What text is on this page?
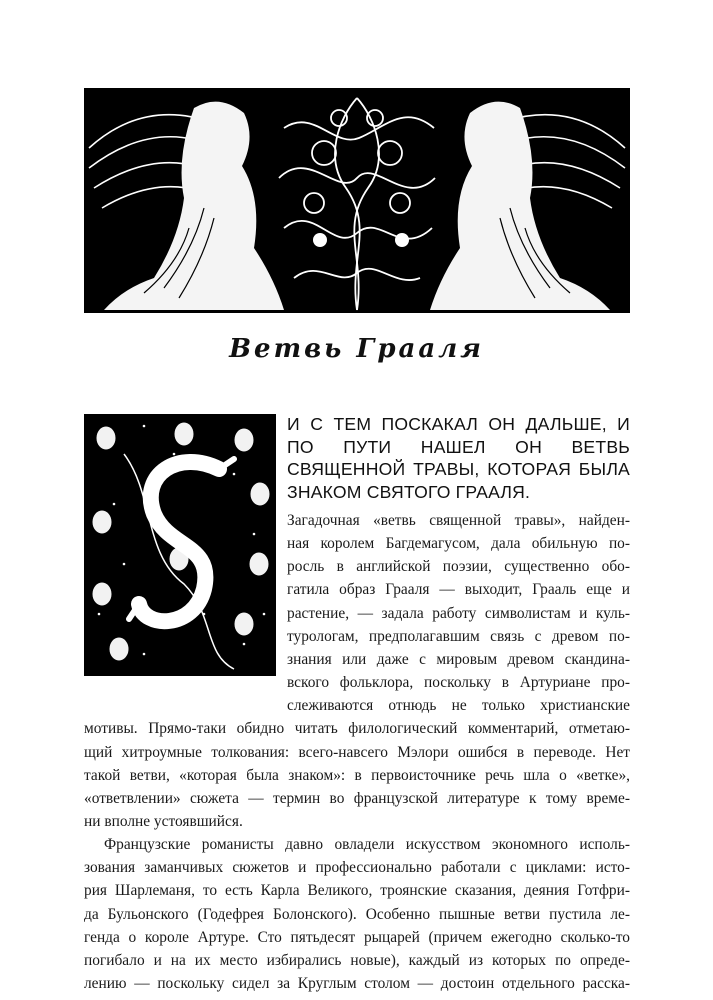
Ветвь Грааля
И С ТЕМ ПОСКАКАЛ ОН ДАЛЬШЕ, И ПО ПУТИ НАШЕЛ ОН ВЕТВЬ СВЯЩЕННОЙ ТРАВЫ, КОТОРАЯ БЫЛА ЗНАКОМ СВЯТОГО ГРААЛЯ.
Загадочная «ветвь священной травы», найден-
ная королем Багдемагусом, дала обильную по-
росль в английской поэзии, существенно обо-
гатила образ Грааля — выходит, Грааль еще и
растение, — задала работу символистам и куль-
турологам, предполагавшим связь с древом по-
знания или даже с мировым древом скандина-
вского фольклора, поскольку в Артуриане про-
слеживаются отнюдь не только христианские
мотивы. Прямо-таки обидно читать филологический комментарий, отметаю-
щий хитроумные толкования: всего-навсего Мэлори ошибся в переводе. Нет
такой ветви, «которая была знаком»: в первоисточнике речь шла о «ветке»,
«ответвлении» сюжета — термин во французской литературе к тому време-
ни вполне устоявшийся.
Французские романисты давно овладели искусством экономного исполь-
зования заманчивых сюжетов и профессионально работали с циклами: исто-
рия Шарлеманя, то есть Карла Великого, троянские сказания, деяния Готфри-
да Бульонского (Годефрея Болонского). Особенно пышные ветви пустила ле-
генда о короле Артуре. Сто пятьдесят рыцарей (причем ежегодно сколько-то
погибало и на их место избирались новые), каждый из которых по опреде-
лению — поскольку сидел за Круглым столом — достоин отдельного расска-
